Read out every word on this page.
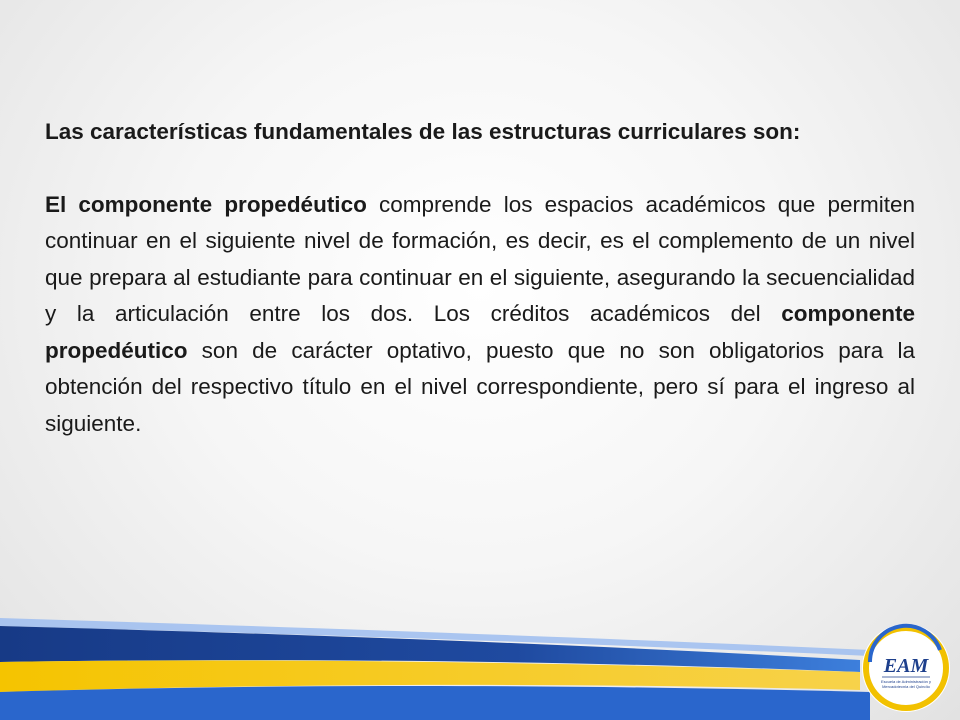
Las características fundamentales de las estructuras curriculares son:

El componente propedéutico comprende los espacios académicos que permiten continuar en el siguiente nivel de formación, es decir, es el complemento de un nivel que prepara al estudiante para continuar en el siguiente, asegurando la secuencialidad y la articulación entre los dos. Los créditos académicos del componente propedéutico son de carácter optativo, puesto que no son obligatorios para la obtención del respectivo título en el nivel correspondiente, pero sí para el ingreso al siguiente.

EAM
Escuela de Administración y
Mercadotecnia del Quindío
